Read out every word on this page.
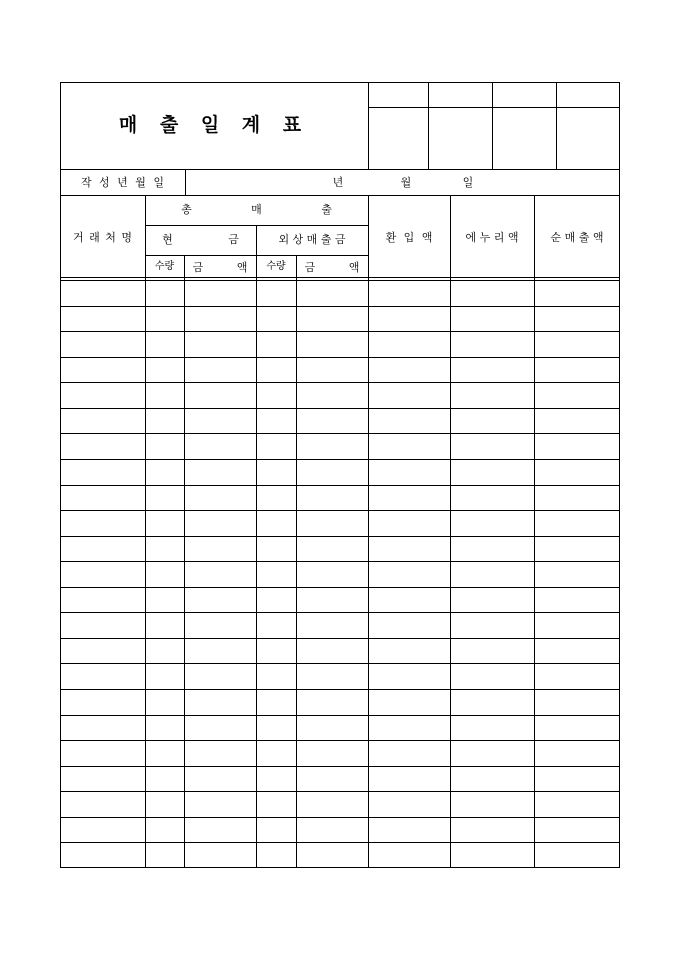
매 출 일 계 표
작 성 년 월 일	년	월	일
거 래 처 명
총 매 출
현 금	외 상 매 출 금
수량	금 액	수량	금 액
환 입 액	에 누 리 액	순 매 출 액
